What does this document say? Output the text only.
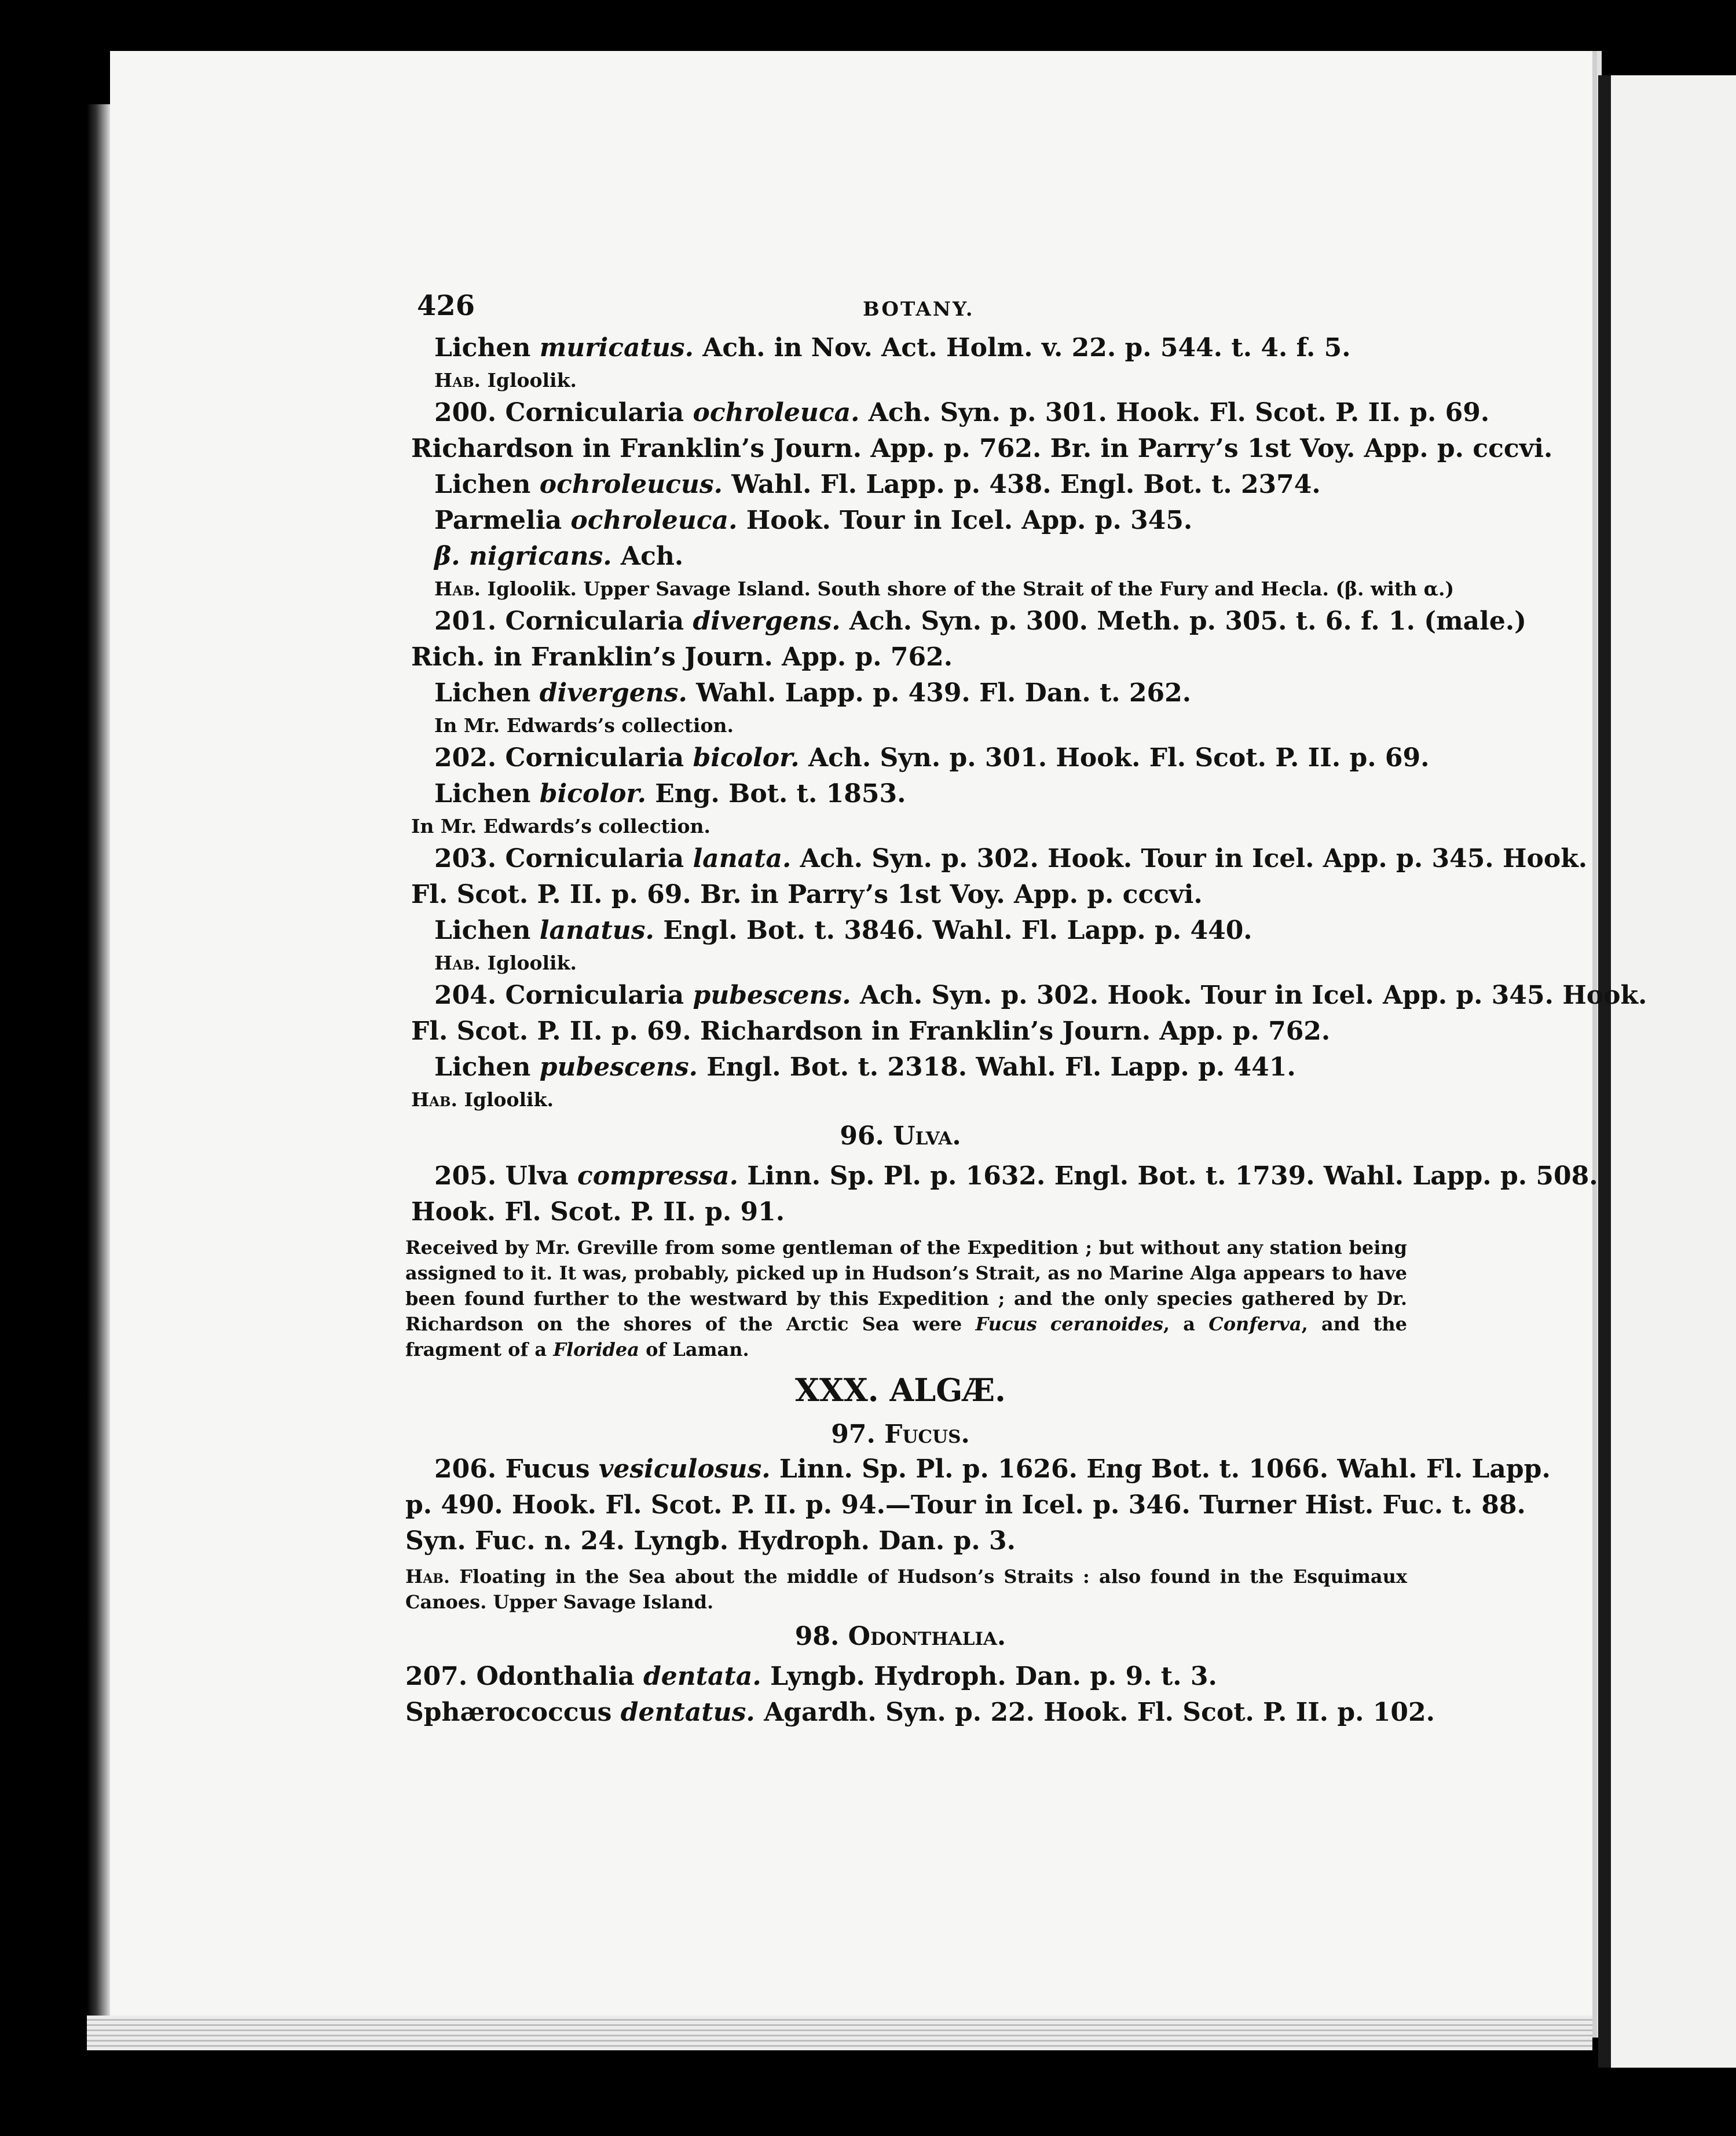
426	BOTANY.
Lichen muricatus. Ach. in Nov. Act. Holm. v. 22. p. 544. t. 4. f. 5.
Hab. Igloolik.
200. Cornicularia ochroleuca. Ach. Syn. p. 301. Hook. Fl. Scot. P. II. p. 69.
Richardson in Franklin’s Journ. App. p. 762. Br. in Parry’s 1st Voy. App. p. cccvi.
Lichen ochroleucus. Wahl. Fl. Lapp. p. 438. Engl. Bot. t. 2374.
Parmelia ochroleuca. Hook. Tour in Icel. App. p. 345.
β. nigricans. Ach.
Hab. Igloolik. Upper Savage Island. South shore of the Strait of the Fury and Hecla. (β. with α.)
201. Cornicularia divergens. Ach. Syn. p. 300. Meth. p. 305. t. 6. f. 1. (male.)
Rich. in Franklin’s Journ. App. p. 762.
Lichen divergens. Wahl. Lapp. p. 439. Fl. Dan. t. 262.
In Mr. Edwards’s collection.
202. Cornicularia bicolor. Ach. Syn. p. 301. Hook. Fl. Scot. P. II. p. 69.
Lichen bicolor. Eng. Bot. t. 1853.
In Mr. Edwards’s collection.
203. Cornicularia lanata. Ach. Syn. p. 302. Hook. Tour in Icel. App. p. 345. Hook.
Fl. Scot. P. II. p. 69. Br. in Parry’s 1st Voy. App. p. cccvi.
Lichen lanatus. Engl. Bot. t. 3846. Wahl. Fl. Lapp. p. 440.
Hab. Igloolik.
204. Cornicularia pubescens. Ach. Syn. p. 302. Hook. Tour in Icel. App. p. 345. Hook.
Fl. Scot. P. II. p. 69. Richardson in Franklin’s Journ. App. p. 762.
Lichen pubescens. Engl. Bot. t. 2318. Wahl. Fl. Lapp. p. 441.
Hab. Igloolik.
96. Ulva.
205. Ulva compressa. Linn. Sp. Pl. p. 1632. Engl. Bot. t. 1739. Wahl. Lapp. p. 508.
Hook. Fl. Scot. P. II. p. 91.
Received by Mr. Greville from some gentleman of the Expedition ; but without any station being assigned to it. It was, probably, picked up in Hudson’s Strait, as no Marine Alga appears to have been found further to the westward by this Expedition ; and the only species gathered by Dr. Richardson on the shores of the Arctic Sea were Fucus ceranoides, a Conferva, and the fragment of a Floridea of Laman.
XXX. ALGÆ.
97. Fucus.
206. Fucus vesiculosus. Linn. Sp. Pl. p. 1626. Eng Bot. t. 1066. Wahl. Fl. Lapp.
p. 490. Hook. Fl. Scot. P. II. p. 94.—Tour in Icel. p. 346. Turner Hist. Fuc. t. 88.
Syn. Fuc. n. 24. Lyngb. Hydroph. Dan. p. 3.
Hab. Floating in the Sea about the middle of Hudson’s Straits : also found in the Esquimaux Canoes. Upper Savage Island.
98. Odonthalia.
207. Odonthalia dentata. Lyngb. Hydroph. Dan. p. 9. t. 3.
Sphærococcus dentatus. Agardh. Syn. p. 22. Hook. Fl. Scot. P. II. p. 102.
